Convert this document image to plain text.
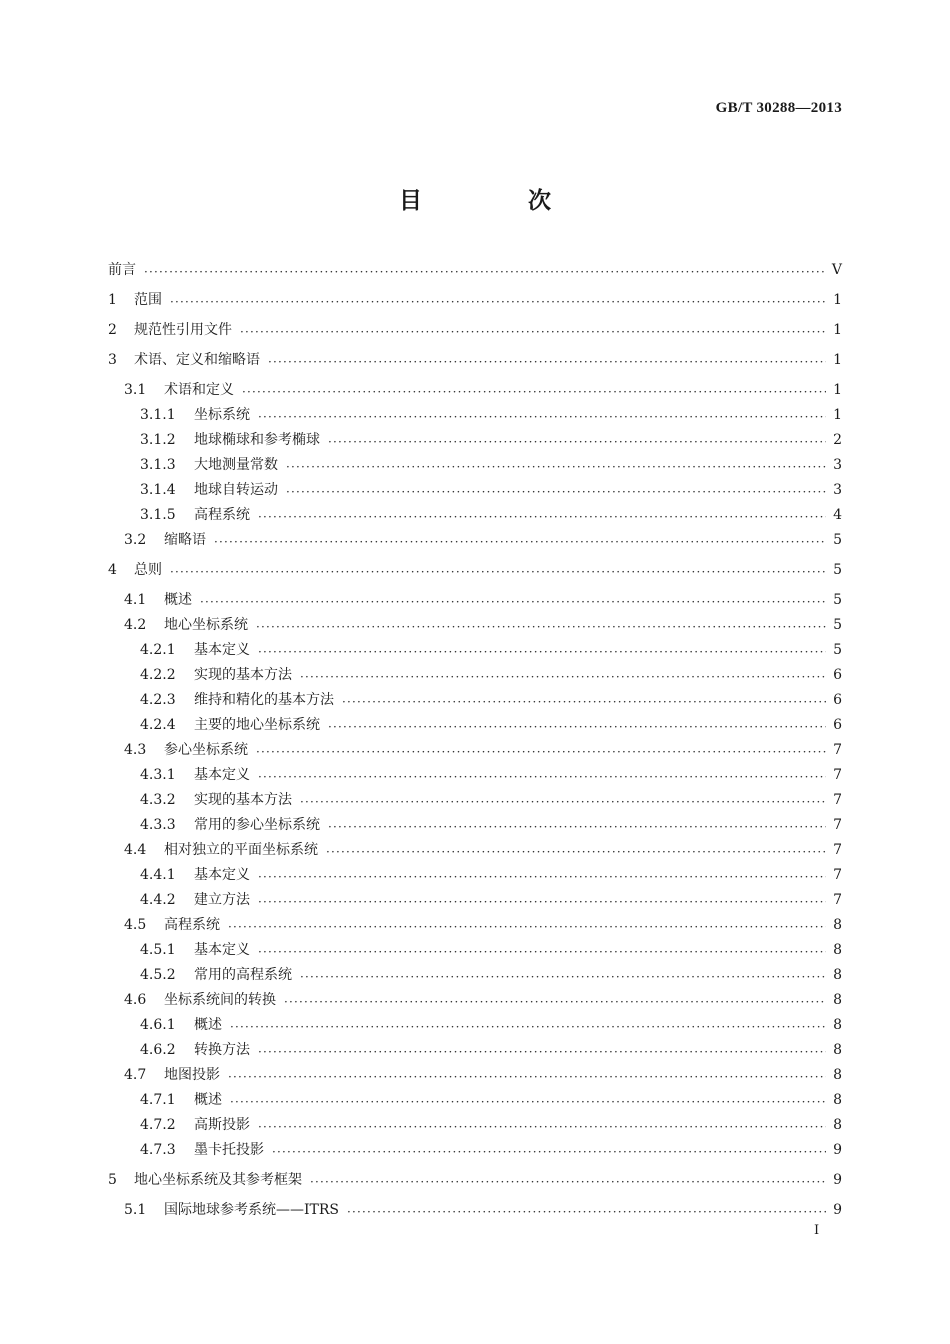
GB/T 30288—2013
目	次
前言 ·····	Ⅴ
1	范围 ·····	1
2	规范性引用文件 ·····	1
3	术语、定义和缩略语 ·····	1
3.1	术语和定义 ·····	1
3.1.1	坐标系统 ·····	1
3.1.2	地球椭球和参考椭球 ·····	2
3.1.3	大地测量常数 ·····	3
3.1.4	地球自转运动 ·····	3
3.1.5	高程系统 ·····	4
3.2	缩略语 ·····	5
4	总则 ·····	5
4.1	概述 ·····	5
4.2	地心坐标系统 ·····	5
4.2.1	基本定义 ·····	5
4.2.2	实现的基本方法 ·····	6
4.2.3	维持和精化的基本方法 ·····	6
4.2.4	主要的地心坐标系统 ·····	6
4.3	参心坐标系统 ·····	7
4.3.1	基本定义 ·····	7
4.3.2	实现的基本方法 ·····	7
4.3.3	常用的参心坐标系统 ·····	7
4.4	相对独立的平面坐标系统 ·····	7
4.4.1	基本定义 ·····	7
4.4.2	建立方法 ·····	7
4.5	高程系统 ·····	8
4.5.1	基本定义 ·····	8
4.5.2	常用的高程系统 ·····	8
4.6	坐标系统间的转换 ·····	8
4.6.1	概述 ·····	8
4.6.2	转换方法 ·····	8
4.7	地图投影 ·····	8
4.7.1	概述 ·····	8
4.7.2	高斯投影 ·····	8
4.7.3	墨卡托投影 ·····	9
5	地心坐标系统及其参考框架 ·····	9
5.1	国际地球参考系统——ITRS ·····	9
Ⅰ
